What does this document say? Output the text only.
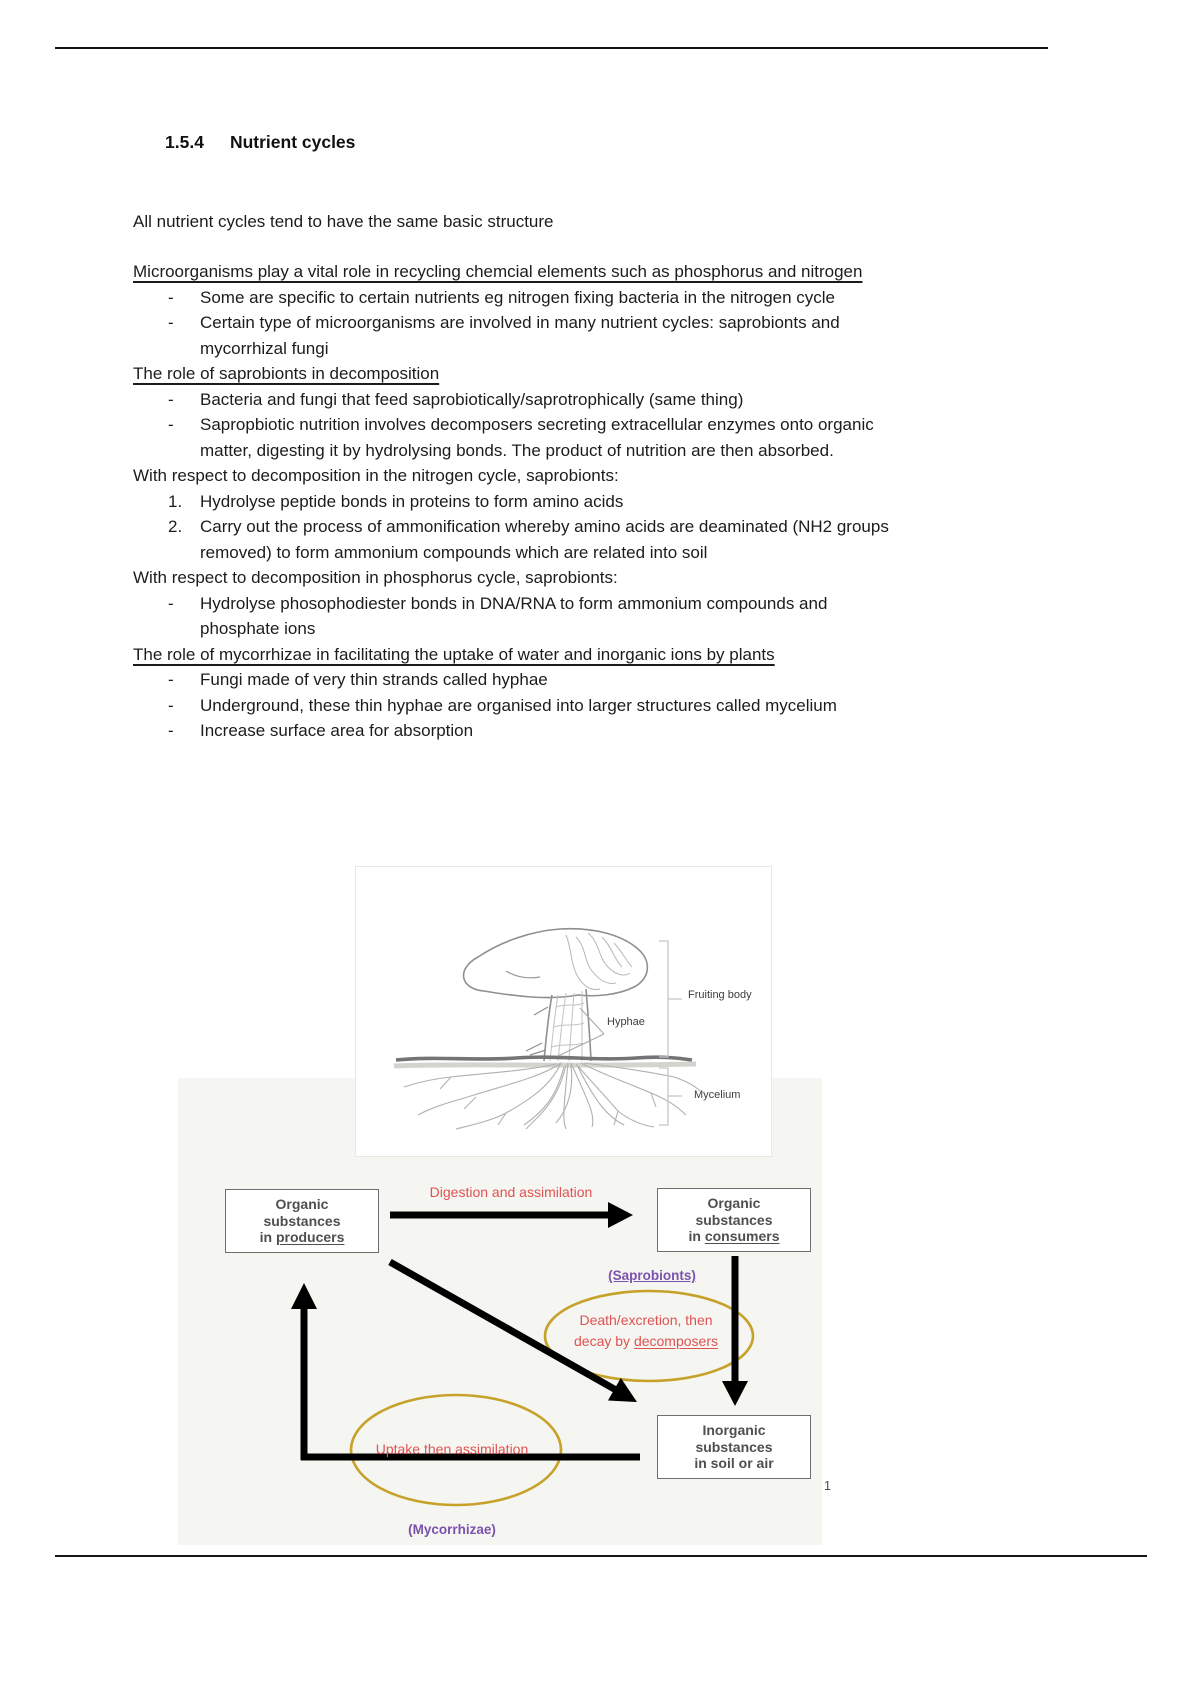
1.5.4 Nutrient cycles

All nutrient cycles tend to have the same basic structure

Microorganisms play a vital role in recycling chemcial elements such as phosphorus and nitrogen

-	Some are specific to certain nutrients eg nitrogen fixing bacteria in the nitrogen cycle
-	Certain type of microorganisms are involved in many nutrient cycles: saprobionts and
mycorrhizal fungi

The role of saprobionts in decomposition

-	Bacteria and fungi that feed saprobiotically/saprotrophically (same thing)
-	Sapropbiotic nutrition involves decomposers secreting extracellular enzymes onto organic
matter, digesting it by hydrolysing bonds. The product of nutrition are then absorbed.

With respect to decomposition in the nitrogen cycle, saprobionts:

1.	Hydrolyse peptide bonds in proteins to form amino acids
2.	Carry out the process of ammonification whereby amino acids are deaminated (NH2 groups
removed) to form ammonium compounds which are related into soil

With respect to decomposition in phosphorus cycle, saprobionts:

-	Hydrolyse phosophodiester bonds in DNA/RNA to form ammonium compounds and
phosphate ions

The role of mycorrhizae in facilitating the uptake of water and inorganic ions by plants

-	Fungi made of very thin strands called hyphae
-	Underground, these thin hyphae are organised into larger structures called mycelium
-	Increase surface area for absorption
Organic
substances
in producers
Organic
substances
in consumers
Inorganic
substances
in soil or air
Digestion and assimilation
(Saprobionts)
Death/excretion, then
decay by decomposers
Uptake then assimilation
(Mycorrhizae)
Fruiting body
Hyphae
Mycelium
1
